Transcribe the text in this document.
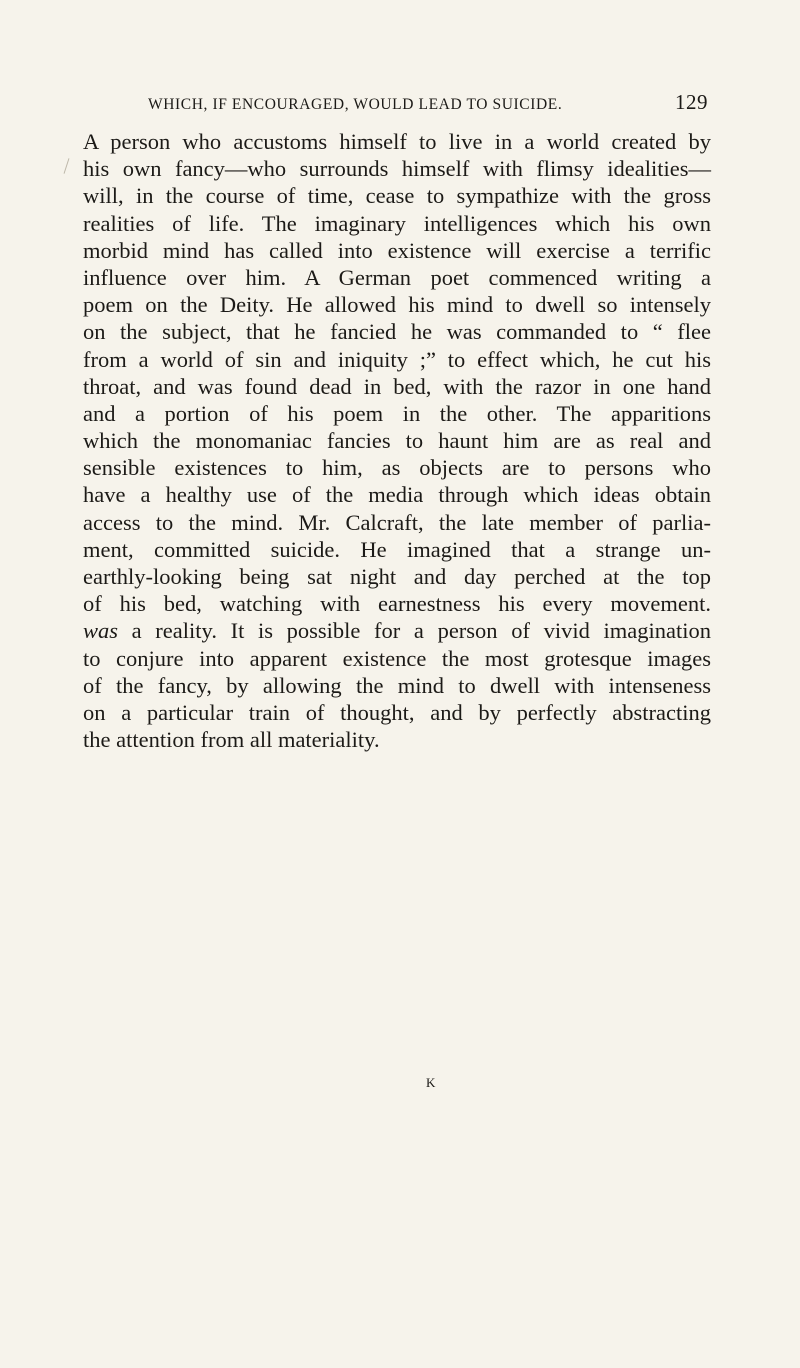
WHICH, IF ENCOURAGED, WOULD LEAD TO SUICIDE.	129
A person who accustoms himself to live in a world created by
his own fancy—who surrounds himself with flimsy idealities—
will, in the course of time, cease to sympathize with the gross
realities of life. The imaginary intelligences which his own
morbid mind has called into existence will exercise a terrific
influence over him. A German poet commenced writing a
poem on the Deity. He allowed his mind to dwell so intensely
on the subject, that he fancied he was commanded to “ flee
from a world of sin and iniquity ;” to effect which, he cut his
throat, and was found dead in bed, with the razor in one hand
and a portion of his poem in the other. The apparitions
which the monomaniac fancies to haunt him are as real and
sensible existences to him, as objects are to persons who
have a healthy use of the media through which ideas obtain
access to the mind. Mr. Calcraft, the late member of parlia-
ment, committed suicide. He imagined that a strange un-
earthly-looking being sat night and day perched at the top
of his bed, watching with earnestness his every movement.
was a reality. It is possible for a person of vivid imagination
to conjure into apparent existence the most grotesque images
of the fancy, by allowing the mind to dwell with intenseness
on a particular train of thought, and by perfectly abstracting
the attention from all materiality.
K
